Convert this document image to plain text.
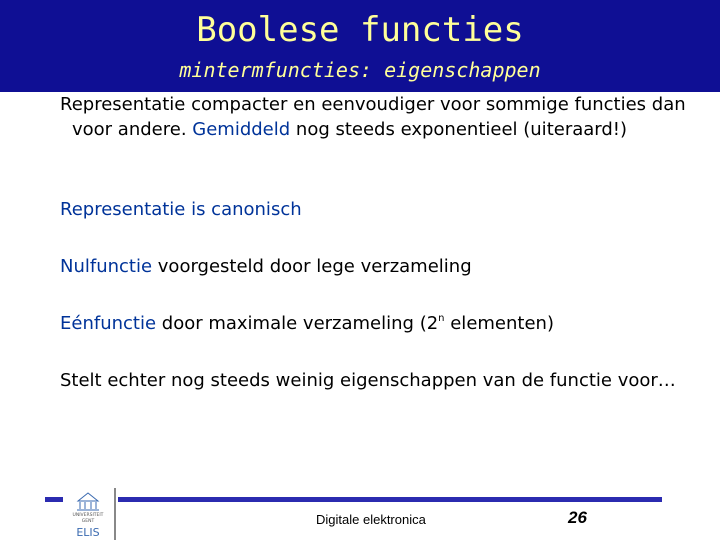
Boolese functies
mintermfuncties: eigenschappen
Representatie compacter en eenvoudiger voor sommige functies dan voor andere. Gemiddeld nog steeds exponentieel (uiteraard!)
Representatie is canonisch
Nulfunctie voorgesteld door lege verzameling
Eénfunctie door maximale verzameling (2$^n$ elementen)
Stelt echter nog steeds weinig eigenschappen van de functie voor…
UNIVERSITEIT
GENT
ELIS
Digitale elektronica	26
